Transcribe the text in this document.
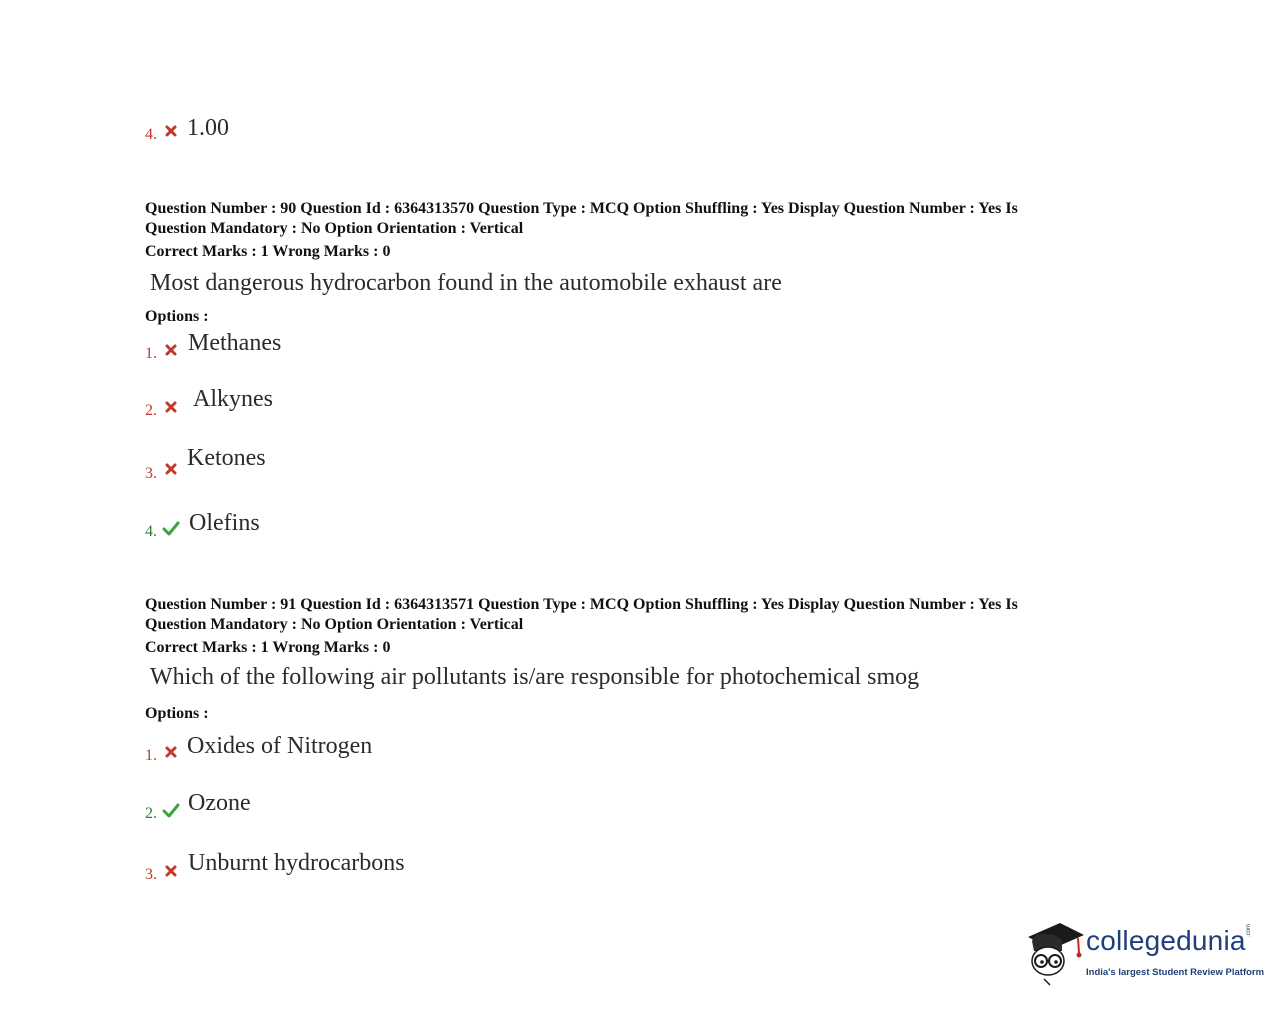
4. 1.00
Question Number : 90 Question Id : 6364313570 Question Type : MCQ Option Shuffling : Yes Display Question Number : Yes Is
Question Mandatory : No Option Orientation : Vertical
Correct Marks : 1 Wrong Marks : 0
Most dangerous hydrocarbon found in the automobile exhaust are
Options :
1. Methanes
2. Alkynes
3.
Ketones
4. Olefins
Question Number : 91 Question Id : 6364313571 Question Type : MCQ Option Shuffling : Yes Display Question Number : Yes Is
Question Mandatory : No Option Orientation : Vertical
Correct Marks : 1 Wrong Marks : 0
Which of the following air pollutants is/are responsible for photochemical smog
Options :
1. Oxides of Nitrogen
2. Ozone
3. Unburnt hydrocarbons
collegedunia .com
India's largest Student Review Platform
